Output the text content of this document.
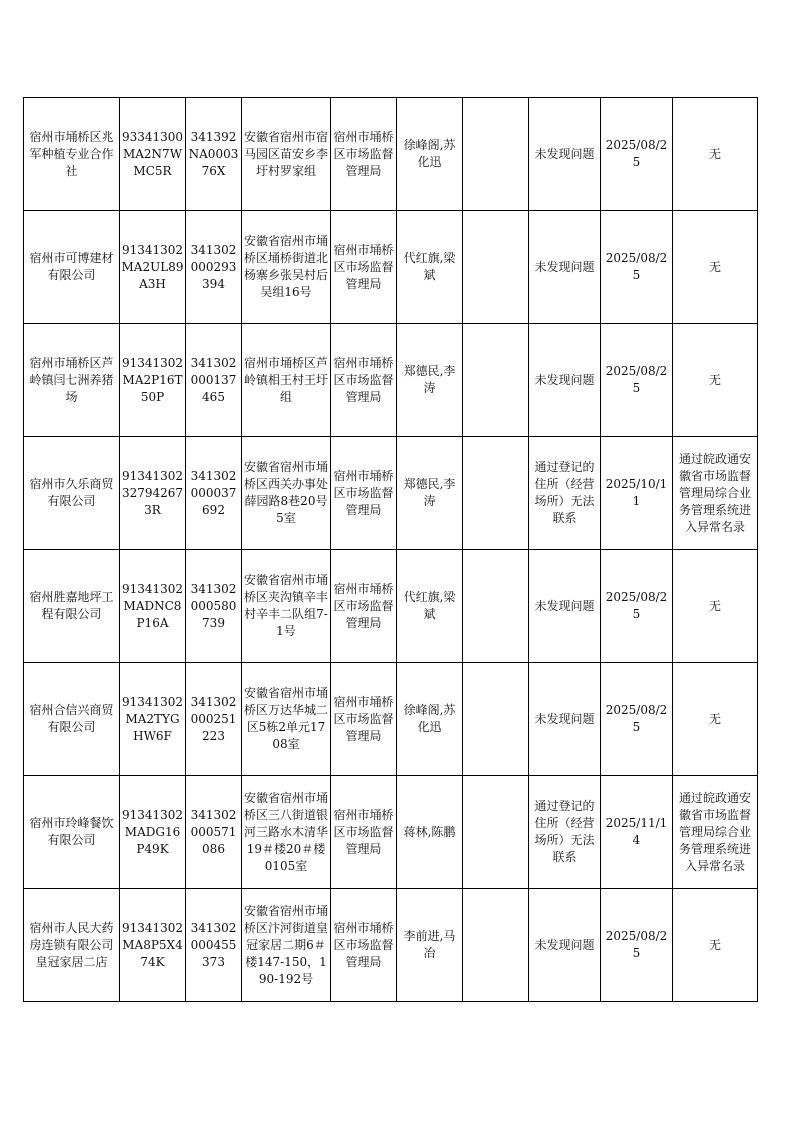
宿州市埇桥区兆军种植专业合作社	93341300MA2N7WMC5R	341392NA000376X	安徽省宿州市宿马园区苗安乡李圩村罗家组	宿州市埇桥区市场监督管理局	徐峰阁,苏化迅		未发现问题	2025/08/25	无
宿州市可博建材有限公司	91341302MA2UL89A3H	341302000293394	安徽省宿州市埇桥区埇桥街道北杨寨乡张吴村后吴组16号	宿州市埇桥区市场监督管理局	代红旗,梁斌		未发现问题	2025/08/25	无
宿州市埇桥区芦岭镇闫七洲养猪场	91341302MA2P16T50P	341302000137465	宿州市埇桥区芦岭镇相王村王圩组	宿州市埇桥区市场监督管理局	郑德民,李涛		未发现问题	2025/08/25	无
宿州市久乐商贸有限公司	9134130232794267 3R	341302000037692	安徽省宿州市埇桥区西关办事处薛园路8巷20号5室	宿州市埇桥区市场监督管理局	郑德民,李涛		通过登记的住所（经营场所）无法联系	2025/10/11	通过皖政通安徽省市场监督管理局综合业务管理系统进入异常名录
宿州胜嘉地坪工程有限公司	91341302MADNC8P16A	341302000580739	安徽省宿州市埇桥区夹沟镇辛丰村辛丰二队组7-1号	宿州市埇桥区市场监督管理局	代红旗,梁斌		未发现问题	2025/08/25	无
宿州合信兴商贸有限公司	91341302MA2TYGHW6F	341302000251223	安徽省宿州市埇桥区万达华城二区5栋2单元1708室	宿州市埇桥区市场监督管理局	徐峰阁,苏化迅		未发现问题	2025/08/25	无
宿州市玲峰餐饮有限公司	91341302MADG16P49K	341302000571086	安徽省宿州市埇桥区三八街道银河三路水木清华19＃楼20＃楼0105室	宿州市埇桥区市场监督管理局	蒋林,陈鹏		通过登记的住所（经营场所）无法联系	2025/11/14	通过皖政通安徽省市场监督管理局综合业务管理系统进入异常名录
宿州市人民大药房连锁有限公司皇冠家居二店	91341302MA8P5X474K	341302000455373	安徽省宿州市埇桥区汴河街道皇冠家居二期6＃楼147-150，190-192号	宿州市埇桥区市场监督管理局	李前进,马冶		未发现问题	2025/08/25	无
